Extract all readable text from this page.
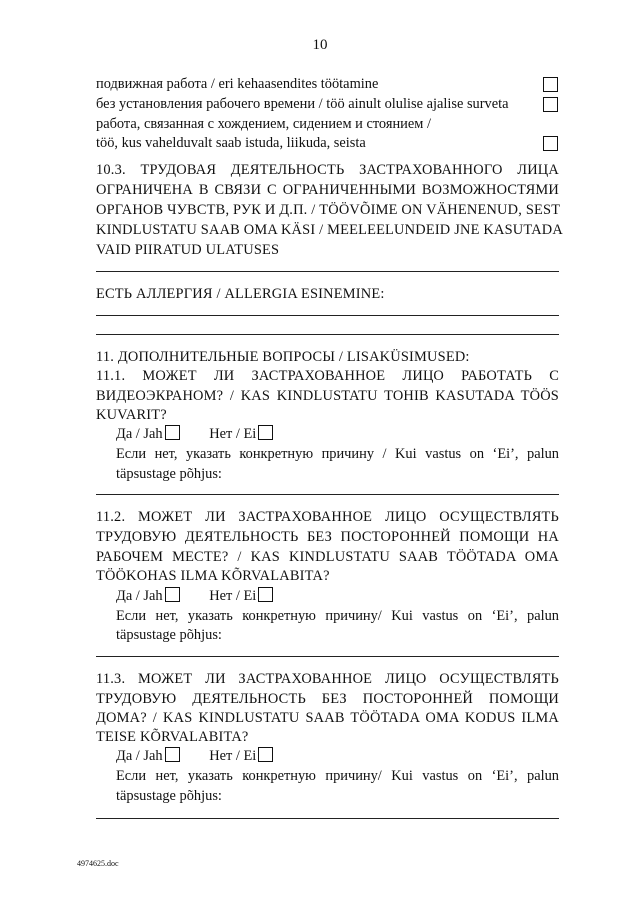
10
подвижная работа / eri kehaasendites töötamine
без установления рабочего времени / töö ainult olulise ajalise surveta
работа, связанная с хождением, сидением и стоянием /
töö, kus vahelduvalt saab istuda, liikuda, seista
10.3. ТРУДОВАЯ ДЕЯТЕЛЬНОСТЬ ЗАСТРАХОВАННОГО ЛИЦА
ОГРАНИЧЕНА В СВЯЗИ С ОГРАНИЧЕННЫМИ ВОЗМОЖНОСТЯМИ
ОРГАНОВ ЧУВСТВ, РУК И Д.П. / TÖÖVÕIME ON VÄHENENUD, SEST
KINDLUSTATU SAAB OMA KÄSI / MEELEELUNDEID JNE KASUTADA
VAID PIIRATUD ULATUSES
ЕСТЬ АЛЛЕРГИЯ / ALLERGIA ESINEMINE:
11. ДОПОЛНИТЕЛЬНЫЕ ВОПРОСЫ / LISAKÜSIMUSED:
11.1. МОЖЕТ ЛИ ЗАСТРАХОВАННОЕ ЛИЦО РАБОТАТЬ С
ВИДЕОЭКРАНОМ? / KAS KINDLUSTATU TOHIB KASUTADA TÖÖS
KUVARIT?
Да / Jah	Нет / Ei
Если нет, указать конкретную причину / Kui vastus on ‘Ei’, palun
täpsustage põhjus:
11.2. МОЖЕТ ЛИ ЗАСТРАХОВАННОЕ ЛИЦО ОСУЩЕСТВЛЯТЬ
ТРУДОВУЮ ДЕЯТЕЛЬНОСТЬ БЕЗ ПОСТОРОННЕЙ ПОМОЩИ НА
РАБОЧЕМ МЕСТЕ? / KAS KINDLUSTATU SAAB TÖÖTADA OMA
TÖÖKOHAS ILMA KÕRVALABITA?
Да / Jah	Нет / Ei
Если нет, указать конкретную причину/ Kui vastus on ‘Ei’, palun
täpsustage põhjus:
11.3. МОЖЕТ ЛИ ЗАСТРАХОВАННОЕ ЛИЦО ОСУЩЕСТВЛЯТЬ
ТРУДОВУЮ ДЕЯТЕЛЬНОСТЬ БЕЗ ПОСТОРОННЕЙ ПОМОЩИ
ДОМА? / KAS KINDLUSTATU SAAB TÖÖTADA OMA KODUS ILMA
TEISE KÕRVALABITA?
Да / Jah	Нет / Ei
Если нет, указать конкретную причину/ Kui vastus on ‘Ei’, palun
täpsustage põhjus:
4974625.doc
